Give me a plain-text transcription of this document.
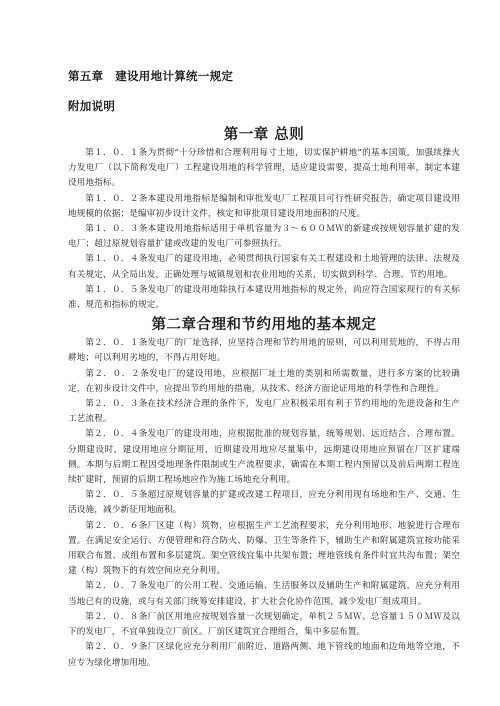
第五章　建设用地计算统一规定

附加说明

第一章 总则

第１．０．１条为贯彻“十分珍惜和合理利用每寸土地，切实保护耕地”的基本国策，加强续操火力发电厂（以下简称发电厂）工程建设用地的科学管理，适应建设需要，提高土地利用率，制定本建设用地指标。

第１．０．２条本建设用地指标是编制和审批发电厂工程项目可行性研究报告，确定项目建设用地规模的依据；是编审初步设计文件，核定和审批项目建设用地面积的尺度。

第１．０．３条本建设用地指标适用于单机容量为３～６００ＭＷ的新建或按规划容量扩建的发电厂；超过原规划容量扩建或改建的发电厂可参照执行。

第１．０．４条发电厂的建设用地，必须贯彻执行国家有关工程建设和土地管理的法律、法规及有关规定，从全局出发，正确处理与城镇规划和农业用地的关系，切实做到科学、合理、节约用地。

第１．０．５条发电厂的建设用地除执行本建设用地指标的规定外，尚应符合国家现行的有关标准、规范和指标的规定。

第二章合理和节约用地的基本规定

第２．０．１条发电厂的厂址选择，应坚持合理和节约用地的原则，可以利用荒地的，不得占用耕地；可以利用劣地的，不得占用好地。

第２．０．２条发电厂的建设用地，应根据厂址土地的类别和所需数量，进行多方案的比较确定，在初步设计文件中，应提出节约用地的措施，从技术、经济方面论证用地的科学性和合理性。

第２．０．３条在技术经济合理的条件下，发电厂应积极采用有利于节约用地的先进设备和生产工艺流程。

第２．０．４条发电厂的建设用地，应根据批准的规划容量，统筹规划、远近结合、合理布置。分期建设时，建设用地应分期征用，近期建设用地应尽量集中，远期建设用地应预留在厂区扩建端侧。本期与后期工程因受地理条件限制或生产流程要求，确需在本期工程内预留以及前后两期工程连续扩建时，预留的后期工程场地应作为施工场地充分利用。

第２．０．５条超过原规划容量的扩建或改建工程项目，应充分利用现有场地和生产、交通、生活设施，减少新征用地面积。

第２．０．６条厂区建（构）筑物，应根据生产工艺流程要求，充分利用地形、地貌进行合理布置。在满足安全运行、方便管理和符合防火、防爆、卫生等条件下，辅助生产和附属建筑宜按功能采用联合布置、成组布置和多层建筑。架空管线宜集中共架布置；埋地管线有条件时宜共沟布置；架空建（构）筑物下的有效空间应充分利用。

第２．０．７条发电厂的公用工程、交通运输、生活服务以及辅助生产和附属建筑，应充分利用当地已有的设施，或与有关部门统筹安排建设，扩大社会化协作范围，减少发电厂组成项目。

第２．０．８条厂前区用地应按规划容量一次规划确定，单机２５ＭＷ、总容量１５０ＭＷ及以下的发电厂，不宜单独设立厂前区。厂前区建筑宜合理组合，集中多层布置。

第２．０．９条厂区绿化应充分利用厂前附近、道路两侧、地下管线的地面和边角地等空地，不应专为绿化增加用地。
